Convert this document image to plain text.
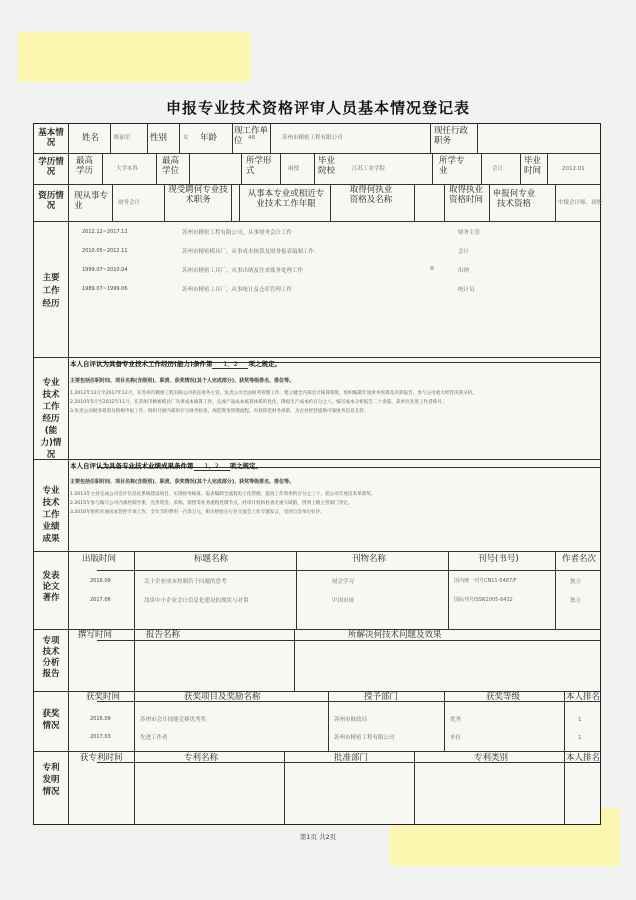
申报专业技术资格评审人员基本情况登记表
基本情况
学历情况
资历情况
主要工作经历
专业技术工作经历(能力)情况
专业技术工作业绩成果
发表论文著作
专项技术分析报告
获奖情况
专利发明情况
姓名	陈丽军 性别	女 年龄	48
现工作单位	苏州市精密工程有限公司
现任行政职务
最高学历	大学本科
最高学位
所学形式	函授
毕业院校	江苏工业学院
所学专业	会计
毕业时间	2012.01
现从事专业	财务会计
现受聘何专业技术职务
从事本专业或相近专业技术工作年限
取得何执业资格及名称
取得执业资格时间
申报何专业技术资格	中级会计师、初级
2012.12~2017.12	苏州市精密工程有限公司，从事财务会计工作	财务主管
2010.05~2012.11	苏州市精密模具厂，从事成本核算及财务报表编制工作	会计
1999.07~2010.04	苏州市精密工具厂，从事出纳及往来账务处理工作	出纳
1989.07~1999.06	苏州市精密工具厂，从事统计及仓库管理工作	统计员
本人自评认为具备专业技术工作经历(能力)条件第 1、2 项之规定。
主要包括任职时间、项目名称(含级别)、职责、获奖情况(其个人完成部分)、获奖等级排名、排位等。
1.2012年12月至2017年12月，在苏州市精密工程有限公司担任财务主管，负责公司全面财务管理工作，建立健全内部会计核算制度，组织编制年度财务预算及决算报告，参与公司重大经营决策分析。
2.2010年5月至2012年11月，在苏州市精密模具厂从事成本核算工作，完成产品成本核算体系的优化，降低生产成本约百分之八，编写成本分析报告二十余篇，获单位先进工作者称号。
3.负责公司税务筹划及纳税申报工作，组织开展内部审计与财务检查，规范资金管理流程，有效防范财务风险，为企业经营提供可靠财务信息支持。
本人自评认为具备专业技术业绩成果条件第 1、2 项之规定。
主要包括任职时间、项目名称(含级别)、职责、获奖情况(其个人完成部分)、获奖等级排名、排位等。
1.2013年主持完成公司会计信息化系统建设项目，实现财务核算、报表编制全流程电子化管理，提高工作效率约百分之三十，获公司年度技术革新奖。
2.2015年参与编写公司内部控制手册，完善资金、采购、销售等业务流程控制节点，经审计机构检查无重大缺陷，得到上级主管部门肯定。
3.2016年组织开展成本管控专项工作，全年节约费用一百余万元，相关经验在行业交流会上作专题发言，受到与会单位好评。
出版时间	标题名称	刊物名称	刊号(书号)	作者名次
2016.09	关于企业成本控制若干问题的思考	财会学习	国内统一刊号CN11-5487/F	独立
2017.06	浅谈中小企业会计信息化建设的现状与对策	中国市场	国际刊号ISSN1005-6432	独立
撰写时间	报告名称	所解决何技术问题及效果
获奖时间	获奖项目及奖励名称	授予部门	获奖等级	本人排名
2016.09	苏州市会计技能竞赛优秀奖	苏州市财政局	优秀	1
2017.03	先进工作者	苏州市精密工程有限公司	单位	1
获专利时间	专利名称	批准部门	专利类别	本人排名
第1页 共2页
